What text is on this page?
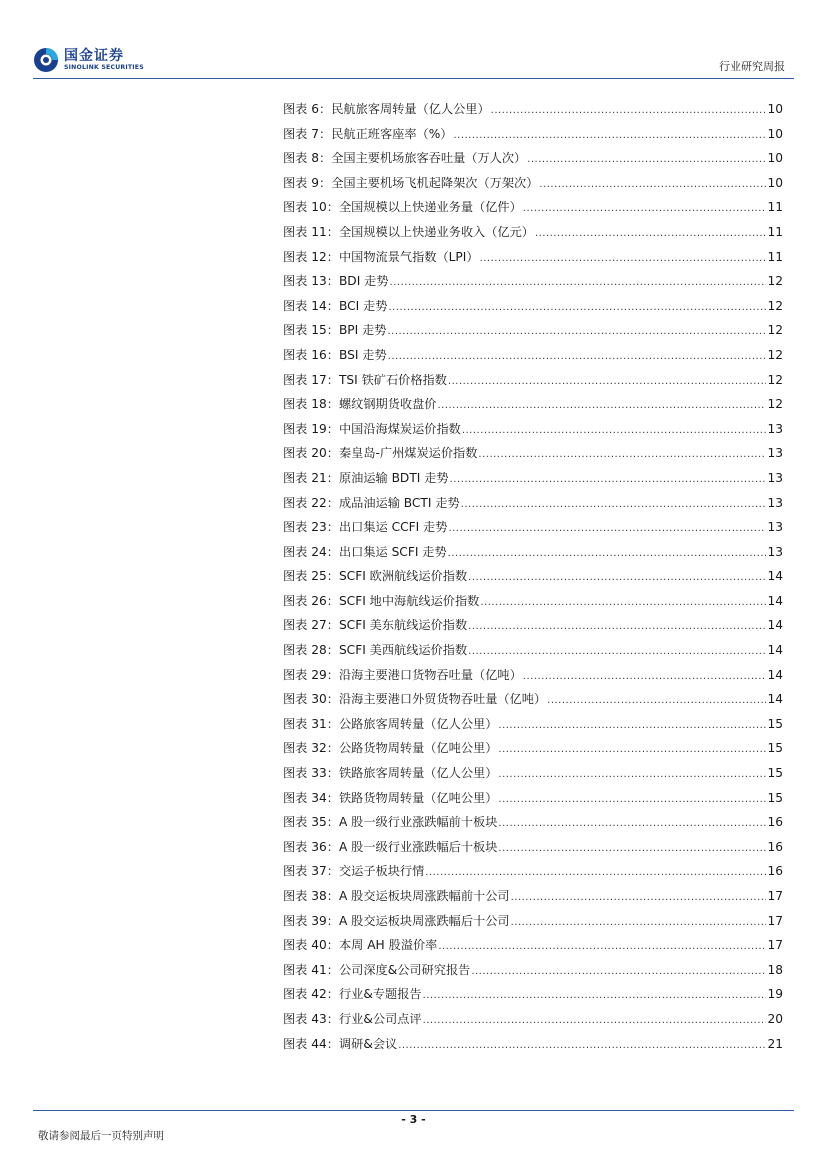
国金证券
SINOLINK SECURITIES	行业研究周报
图表 6：民航旅客周转量（亿人公里） .....	10
图表 7：民航正班客座率（%） .....	10
图表 8：全国主要机场旅客吞吐量（万人次） .....	10
图表 9：全国主要机场飞机起降架次（万架次） .....	10
图表 10：全国规模以上快递业务量（亿件） .....	11
图表 11：全国规模以上快递业务收入（亿元） .....	11
图表 12：中国物流景气指数（LPI） .....	11
图表 13：BDI 走势 .....	12
图表 14：BCI 走势 .....	12
图表 15：BPI 走势 .....	12
图表 16：BSI 走势 .....	12
图表 17：TSI 铁矿石价格指数 .....	12
图表 18：螺纹钢期货收盘价 .....	12
图表 19：中国沿海煤炭运价指数 .....	13
图表 20：秦皇岛-广州煤炭运价指数 .....	13
图表 21：原油运输 BDTI 走势 .....	13
图表 22：成品油运输 BCTI 走势 .....	13
图表 23：出口集运 CCFI 走势 .....	13
图表 24：出口集运 SCFI 走势 .....	13
图表 25：SCFI 欧洲航线运价指数 .....	14
图表 26：SCFI 地中海航线运价指数 .....	14
图表 27：SCFI 美东航线运价指数 .....	14
图表 28：SCFI 美西航线运价指数 .....	14
图表 29：沿海主要港口货物吞吐量（亿吨） .....	14
图表 30：沿海主要港口外贸货物吞吐量（亿吨） .....	14
图表 31：公路旅客周转量（亿人公里） .....	15
图表 32：公路货物周转量（亿吨公里） .....	15
图表 33：铁路旅客周转量（亿人公里） .....	15
图表 34：铁路货物周转量（亿吨公里） .....	15
图表 35：A 股一级行业涨跌幅前十板块 .....	16
图表 36：A 股一级行业涨跌幅后十板块 .....	16
图表 37：交运子板块行情 .....	16
图表 38：A 股交运板块周涨跌幅前十公司 .....	17
图表 39：A 股交运板块周涨跌幅后十公司 .....	17
图表 40：本周 AH 股溢价率 .....	17
图表 41：公司深度&公司研究报告 .....	18
图表 42：行业&专题报告 .....	19
图表 43：行业&公司点评 .....	20
图表 44：调研&会议 .....	21
- 3 -
敬请参阅最后一页特别声明
